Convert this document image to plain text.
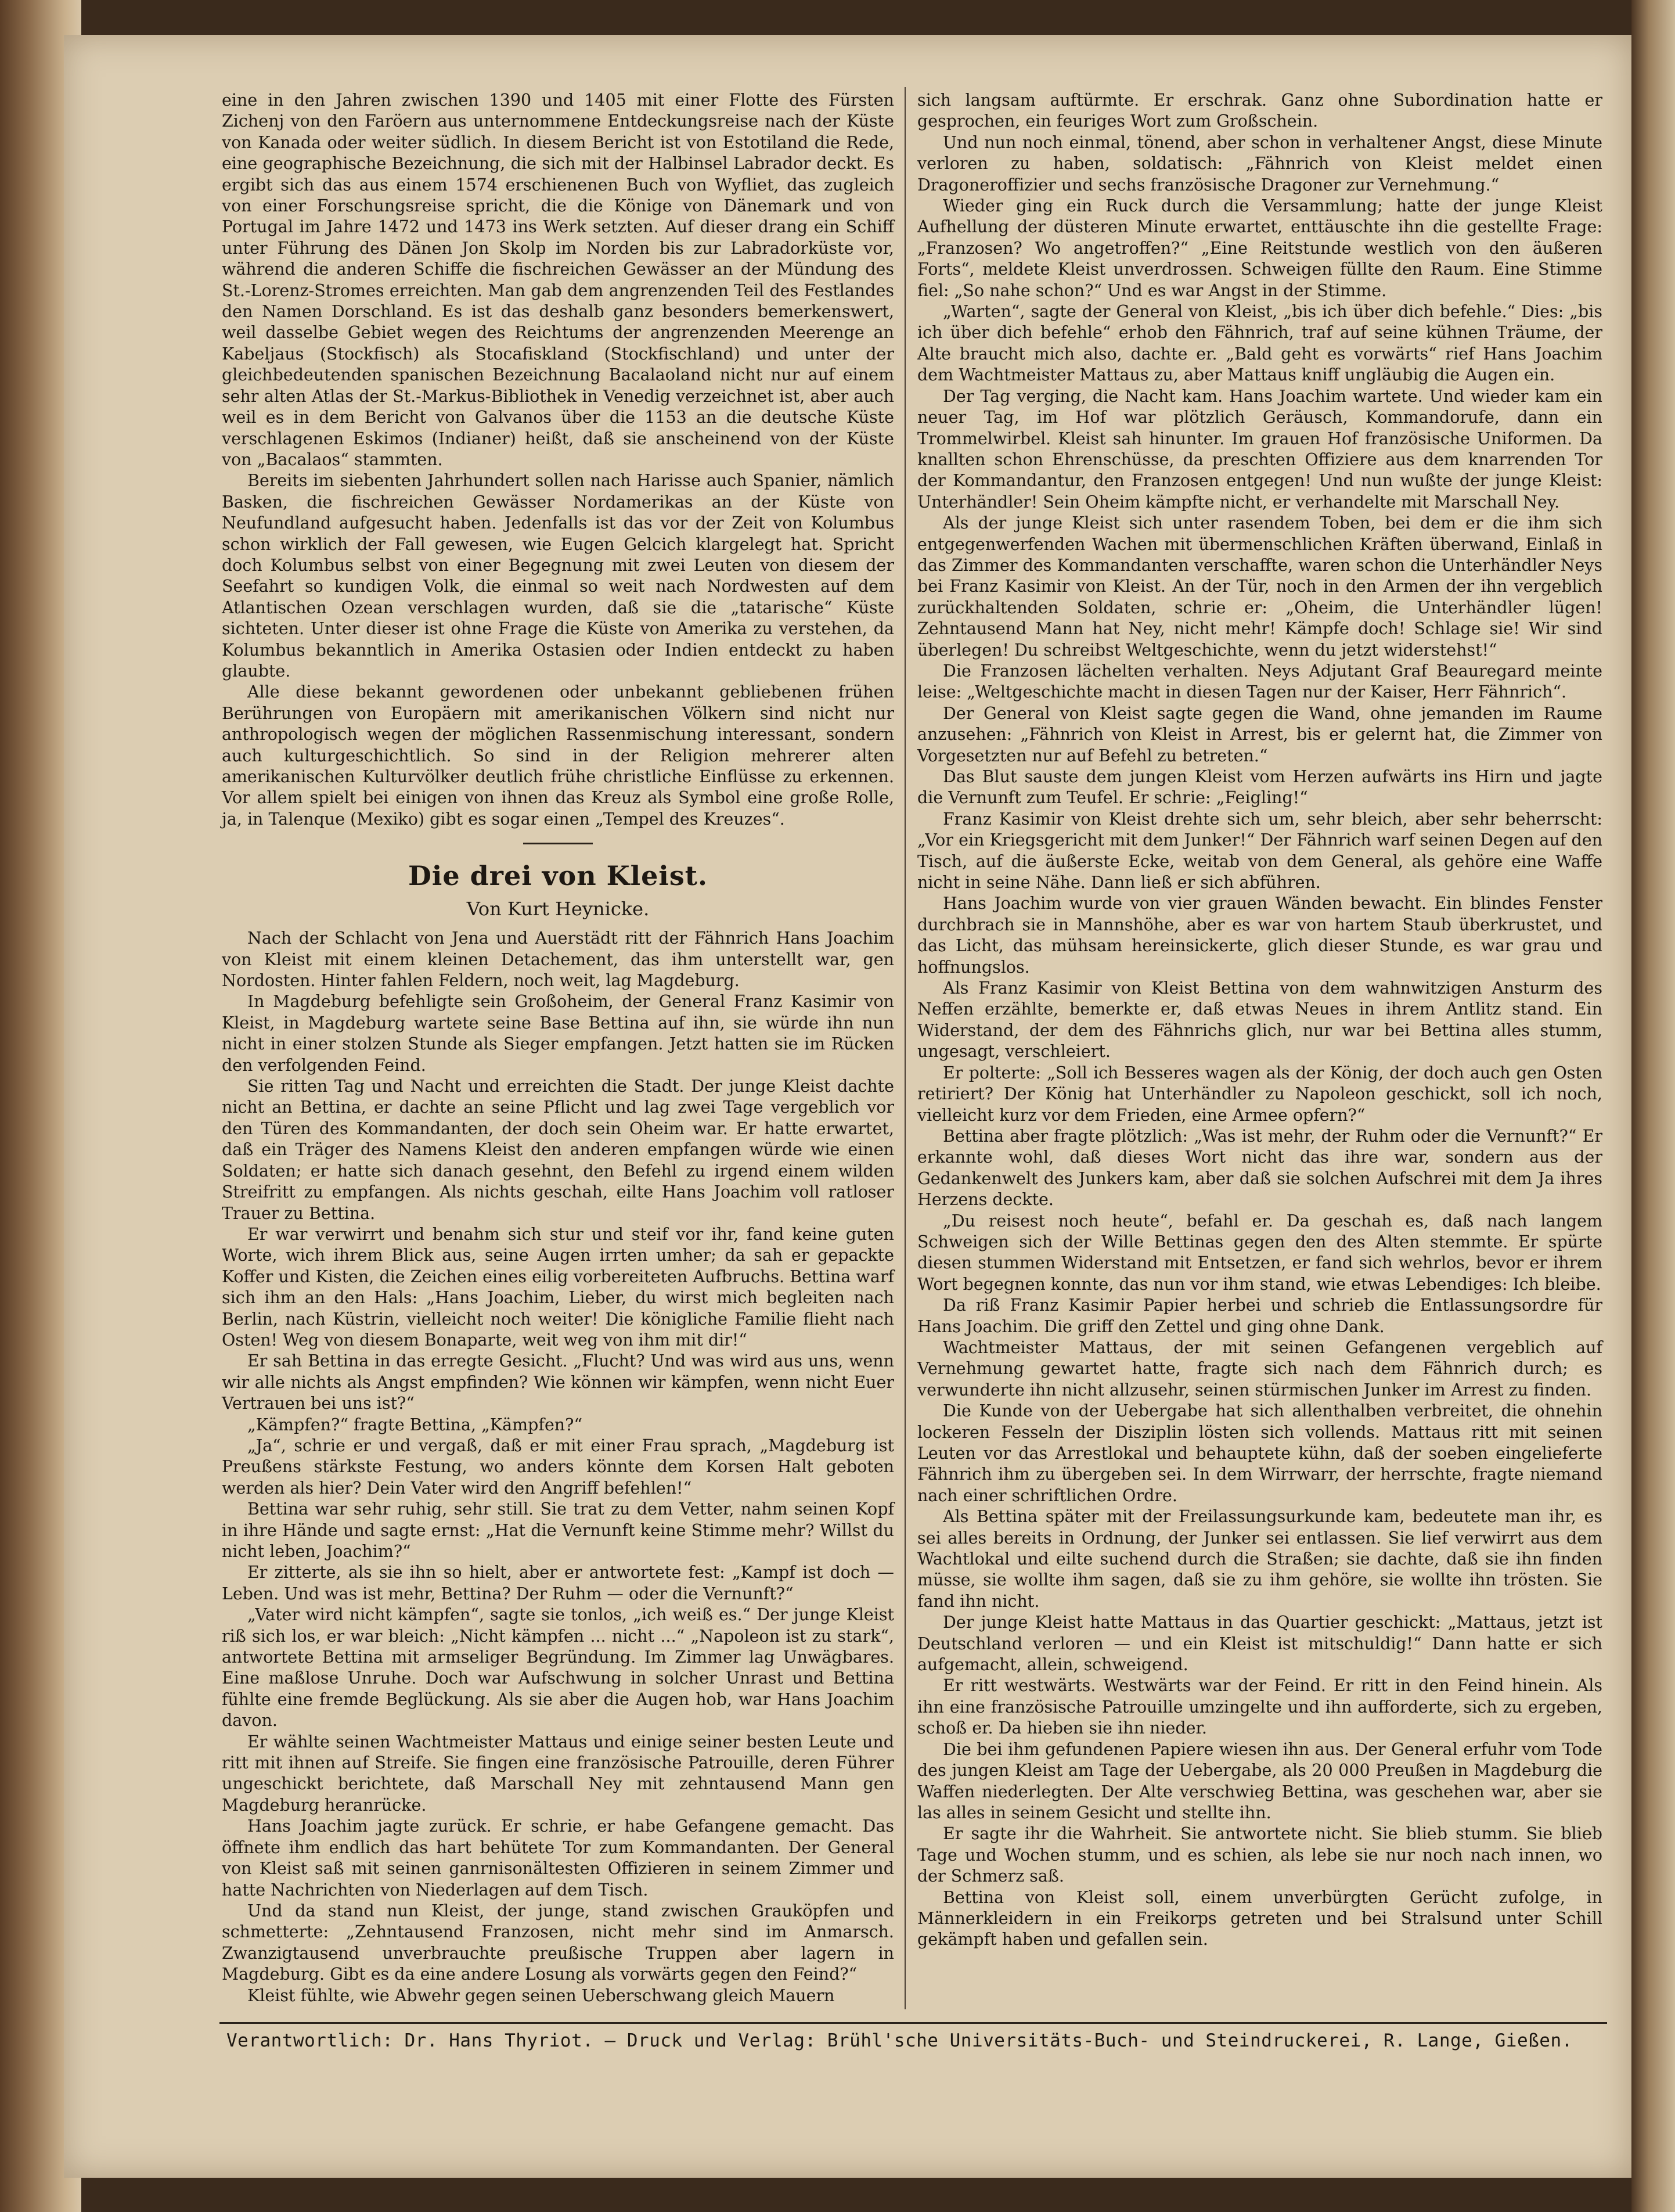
eine in den Jahren zwischen 1390 und 1405 mit einer Flotte des Fürsten Zichenj von den Faröern aus unternommene Entdeckungsreise nach der Küste von Kanada oder weiter südlich. In diesem Bericht ist von Estotiland die Rede, eine geographische Bezeichnung, die sich mit der Halbinsel Labrador deckt. Es ergibt sich das aus einem 1574 erschienenen Buch von Wyfliet, das zugleich von einer Forschungsreise spricht, die die Könige von Dänemark und von Portugal im Jahre 1472 und 1473 ins Werk setzten. Auf dieser drang ein Schiff unter Führung des Dänen Jon Skolp im Norden bis zur Labradorküste vor, während die anderen Schiffe die fischreichen Gewässer an der Mündung des St.-Lorenz-Stromes erreichten. Man gab dem angrenzenden Teil des Festlandes den Namen Dorschland. Es ist das deshalb ganz besonders bemerkenswert, weil dasselbe Gebiet wegen des Reichtums der angrenzenden Meerenge an Kabeljaus (Stockfisch) als Stocafiskland (Stockfischland) und unter der gleichbedeutenden spanischen Bezeichnung Bacalaoland nicht nur auf einem sehr alten Atlas der St.-Markus-Bibliothek in Venedig verzeichnet ist, aber auch weil es in dem Bericht von Galvanos über die 1153 an die deutsche Küste verschlagenen Eskimos (Indianer) heißt, daß sie anscheinend von der Küste von „Bacalaos“ stammten.

Bereits im siebenten Jahrhundert sollen nach Harisse auch Spanier, nämlich Basken, die fischreichen Gewässer Nordamerikas an der Küste von Neufundland aufgesucht haben. Jedenfalls ist das vor der Zeit von Kolumbus schon wirklich der Fall gewesen, wie Eugen Gelcich klargelegt hat. Spricht doch Kolumbus selbst von einer Begegnung mit zwei Leuten von diesem der Seefahrt so kundigen Volk, die einmal so weit nach Nordwesten auf dem Atlantischen Ozean verschlagen wurden, daß sie die „tatarische“ Küste sichteten. Unter dieser ist ohne Frage die Küste von Amerika zu verstehen, da Kolumbus bekanntlich in Amerika Ostasien oder Indien entdeckt zu haben glaubte.

Alle diese bekannt gewordenen oder unbekannt gebliebenen frühen Berührungen von Europäern mit amerikanischen Völkern sind nicht nur anthropologisch wegen der möglichen Rassenmischung interessant, sondern auch kulturgeschichtlich. So sind in der Religion mehrerer alten amerikanischen Kulturvölker deutlich frühe christliche Einflüsse zu erkennen. Vor allem spielt bei einigen von ihnen das Kreuz als Symbol eine große Rolle, ja, in Talenque (Mexiko) gibt es sogar einen „Tempel des Kreuzes“.

Die drei von Kleist.
Von Kurt Heynicke.

Nach der Schlacht von Jena und Auerstädt ritt der Fähnrich Hans Joachim von Kleist mit einem kleinen Detachement, das ihm unterstellt war, gen Nordosten. Hinter fahlen Feldern, noch weit, lag Magdeburg.

In Magdeburg befehligte sein Großoheim, der General Franz Kasimir von Kleist, in Magdeburg wartete seine Base Bettina auf ihn, sie würde ihn nun nicht in einer stolzen Stunde als Sieger empfangen. Jetzt hatten sie im Rücken den verfolgenden Feind.

Sie ritten Tag und Nacht und erreichten die Stadt. Der junge Kleist dachte nicht an Bettina, er dachte an seine Pflicht und lag zwei Tage vergeblich vor den Türen des Kommandanten, der doch sein Oheim war. Er hatte erwartet, daß ein Träger des Namens Kleist den anderen empfangen würde wie einen Soldaten; er hatte sich danach gesehnt, den Befehl zu irgend einem wilden Streifritt zu empfangen. Als nichts geschah, eilte Hans Joachim voll ratloser Trauer zu Bettina.

Er war verwirrt und benahm sich stur und steif vor ihr, fand keine guten Worte, wich ihrem Blick aus, seine Augen irrten umher; da sah er gepackte Koffer und Kisten, die Zeichen eines eilig vorbereiteten Aufbruchs. Bettina warf sich ihm an den Hals: „Hans Joachim, Lieber, du wirst mich begleiten nach Berlin, nach Küstrin, vielleicht noch weiter! Die königliche Familie flieht nach Osten! Weg von diesem Bonaparte, weit weg von ihm mit dir!“

Er sah Bettina in das erregte Gesicht. „Flucht? Und was wird aus uns, wenn wir alle nichts als Angst empfinden? Wie können wir kämpfen, wenn nicht Euer Vertrauen bei uns ist?“

„Kämpfen?“ fragte Bettina, „Kämpfen?“

„Ja“, schrie er und vergaß, daß er mit einer Frau sprach, „Magdeburg ist Preußens stärkste Festung, wo anders könnte dem Korsen Halt geboten werden als hier? Dein Vater wird den Angriff befehlen!“

Bettina war sehr ruhig, sehr still. Sie trat zu dem Vetter, nahm seinen Kopf in ihre Hände und sagte ernst: „Hat die Vernunft keine Stimme mehr? Willst du nicht leben, Joachim?“

Er zitterte, als sie ihn so hielt, aber er antwortete fest: „Kampf ist doch — Leben. Und was ist mehr, Bettina? Der Ruhm — oder die Vernunft?“

„Vater wird nicht kämpfen“, sagte sie tonlos, „ich weiß es.“ Der junge Kleist riß sich los, er war bleich: „Nicht kämpfen ... nicht ...“ „Napoleon ist zu stark“, antwortete Bettina mit armseliger Begründung. Im Zimmer lag Unwägbares. Eine maßlose Unruhe. Doch war Aufschwung in solcher Unrast und Bettina fühlte eine fremde Beglückung. Als sie aber die Augen hob, war Hans Joachim davon.

Er wählte seinen Wachtmeister Mattaus und einige seiner besten Leute und ritt mit ihnen auf Streife. Sie fingen eine französische Patrouille, deren Führer ungeschickt berichtete, daß Marschall Ney mit zehntausend Mann gen Magdeburg heranrücke.

Hans Joachim jagte zurück. Er schrie, er habe Gefangene gemacht. Das öffnete ihm endlich das hart behütete Tor zum Kommandanten. Der General von Kleist saß mit seinen ganrnisonältesten Offizieren in seinem Zimmer und hatte Nachrichten von Niederlagen auf dem Tisch.

Und da stand nun Kleist, der junge, stand zwischen Grauköpfen und schmetterte: „Zehntausend Franzosen, nicht mehr sind im Anmarsch. Zwanzigtausend unverbrauchte preußische Truppen aber lagern in Magdeburg. Gibt es da eine andere Losung als vorwärts gegen den Feind?“

Kleist fühlte, wie Abwehr gegen seinen Ueberschwang gleich Mauern

sich langsam auftürmte. Er erschrak. Ganz ohne Subordination hatte er gesprochen, ein feuriges Wort zum Großschein.

Und nun noch einmal, tönend, aber schon in verhaltener Angst, diese Minute verloren zu haben, soldatisch: „Fähnrich von Kleist meldet einen Dragoneroffizier und sechs französische Dragoner zur Vernehmung.“

Wieder ging ein Ruck durch die Versammlung; hatte der junge Kleist Aufhellung der düsteren Minute erwartet, enttäuschte ihn die gestellte Frage: „Franzosen? Wo angetroffen?“ „Eine Reitstunde westlich von den äußeren Forts“, meldete Kleist unverdrossen. Schweigen füllte den Raum. Eine Stimme fiel: „So nahe schon?“ Und es war Angst in der Stimme.

„Warten“, sagte der General von Kleist, „bis ich über dich befehle.“ Dies: „bis ich über dich befehle“ erhob den Fähnrich, traf auf seine kühnen Träume, der Alte braucht mich also, dachte er. „Bald geht es vorwärts“ rief Hans Joachim dem Wachtmeister Mattaus zu, aber Mattaus kniff ungläubig die Augen ein.

Der Tag verging, die Nacht kam. Hans Joachim wartete. Und wieder kam ein neuer Tag, im Hof war plötzlich Geräusch, Kommandorufe, dann ein Trommelwirbel. Kleist sah hinunter. Im grauen Hof französische Uniformen. Da knallten schon Ehrenschüsse, da preschten Offiziere aus dem knarrenden Tor der Kommandantur, den Franzosen entgegen! Und nun wußte der junge Kleist: Unterhändler! Sein Oheim kämpfte nicht, er verhandelte mit Marschall Ney.

Als der junge Kleist sich unter rasendem Toben, bei dem er die ihm sich entgegenwerfenden Wachen mit übermenschlichen Kräften überwand, Einlaß in das Zimmer des Kommandanten verschaffte, waren schon die Unterhändler Neys bei Franz Kasimir von Kleist. An der Tür, noch in den Armen der ihn vergeblich zurückhaltenden Soldaten, schrie er: „Oheim, die Unterhändler lügen! Zehntausend Mann hat Ney, nicht mehr! Kämpfe doch! Schlage sie! Wir sind überlegen! Du schreibst Weltgeschichte, wenn du jetzt widerstehst!“

Die Franzosen lächelten verhalten. Neys Adjutant Graf Beauregard meinte leise: „Weltgeschichte macht in diesen Tagen nur der Kaiser, Herr Fähnrich“.

Der General von Kleist sagte gegen die Wand, ohne jemanden im Raume anzusehen: „Fähnrich von Kleist in Arrest, bis er gelernt hat, die Zimmer von Vorgesetzten nur auf Befehl zu betreten.“

Das Blut sauste dem jungen Kleist vom Herzen aufwärts ins Hirn und jagte die Vernunft zum Teufel. Er schrie: „Feigling!“

Franz Kasimir von Kleist drehte sich um, sehr bleich, aber sehr beherrscht: „Vor ein Kriegsgericht mit dem Junker!“ Der Fähnrich warf seinen Degen auf den Tisch, auf die äußerste Ecke, weitab von dem General, als gehöre eine Waffe nicht in seine Nähe. Dann ließ er sich abführen.

Hans Joachim wurde von vier grauen Wänden bewacht. Ein blindes Fenster durchbrach sie in Mannshöhe, aber es war von hartem Staub überkrustet, und das Licht, das mühsam hereinsickerte, glich dieser Stunde, es war grau und hoffnungslos.

Als Franz Kasimir von Kleist Bettina von dem wahnwitzigen Ansturm des Neffen erzählte, bemerkte er, daß etwas Neues in ihrem Antlitz stand. Ein Widerstand, der dem des Fähnrichs glich, nur war bei Bettina alles stumm, ungesagt, verschleiert.

Er polterte: „Soll ich Besseres wagen als der König, der doch auch gen Osten retiriert? Der König hat Unterhändler zu Napoleon geschickt, soll ich noch, vielleicht kurz vor dem Frieden, eine Armee opfern?“

Bettina aber fragte plötzlich: „Was ist mehr, der Ruhm oder die Vernunft?“ Er erkannte wohl, daß dieses Wort nicht das ihre war, sondern aus der Gedankenwelt des Junkers kam, aber daß sie solchen Aufschrei mit dem Ja ihres Herzens deckte.

„Du reisest noch heute“, befahl er. Da geschah es, daß nach langem Schweigen sich der Wille Bettinas gegen den des Alten stemmte. Er spürte diesen stummen Widerstand mit Entsetzen, er fand sich wehrlos, bevor er ihrem Wort begegnen konnte, das nun vor ihm stand, wie etwas Lebendiges: Ich bleibe.

Da riß Franz Kasimir Papier herbei und schrieb die Entlassungsordre für Hans Joachim. Die griff den Zettel und ging ohne Dank.

Wachtmeister Mattaus, der mit seinen Gefangenen vergeblich auf Vernehmung gewartet hatte, fragte sich nach dem Fähnrich durch; es verwunderte ihn nicht allzusehr, seinen stürmischen Junker im Arrest zu finden.

Die Kunde von der Uebergabe hat sich allenthalben verbreitet, die ohnehin lockeren Fesseln der Disziplin lösten sich vollends. Mattaus ritt mit seinen Leuten vor das Arrestlokal und behauptete kühn, daß der soeben eingelieferte Fähnrich ihm zu übergeben sei. In dem Wirrwarr, der herrschte, fragte niemand nach einer schriftlichen Ordre.

Als Bettina später mit der Freilassungsurkunde kam, bedeutete man ihr, es sei alles bereits in Ordnung, der Junker sei entlassen. Sie lief verwirrt aus dem Wachtlokal und eilte suchend durch die Straßen; sie dachte, daß sie ihn finden müsse, sie wollte ihm sagen, daß sie zu ihm gehöre, sie wollte ihn trösten. Sie fand ihn nicht.

Der junge Kleist hatte Mattaus in das Quartier geschickt: „Mattaus, jetzt ist Deutschland verloren — und ein Kleist ist mitschuldig!“ Dann hatte er sich aufgemacht, allein, schweigend.

Er ritt westwärts. Westwärts war der Feind. Er ritt in den Feind hinein. Als ihn eine französische Patrouille umzingelte und ihn aufforderte, sich zu ergeben, schoß er. Da hieben sie ihn nieder.

Die bei ihm gefundenen Papiere wiesen ihn aus. Der General erfuhr vom Tode des jungen Kleist am Tage der Uebergabe, als 20 000 Preußen in Magdeburg die Waffen niederlegten. Der Alte verschwieg Bettina, was geschehen war, aber sie las alles in seinem Gesicht und stellte ihn.

Er sagte ihr die Wahrheit. Sie antwortete nicht. Sie blieb stumm. Sie blieb Tage und Wochen stumm, und es schien, als lebe sie nur noch nach innen, wo der Schmerz saß.

Bettina von Kleist soll, einem unverbürgten Gerücht zufolge, in Männerkleidern in ein Freikorps getreten und bei Stralsund unter Schill gekämpft haben und gefallen sein.

Verantwortlich: Dr. Hans Thyriot. — Druck und Verlag: Brühl'sche Universitäts-Buch- und Steindruckerei, R. Lange, Gießen.
